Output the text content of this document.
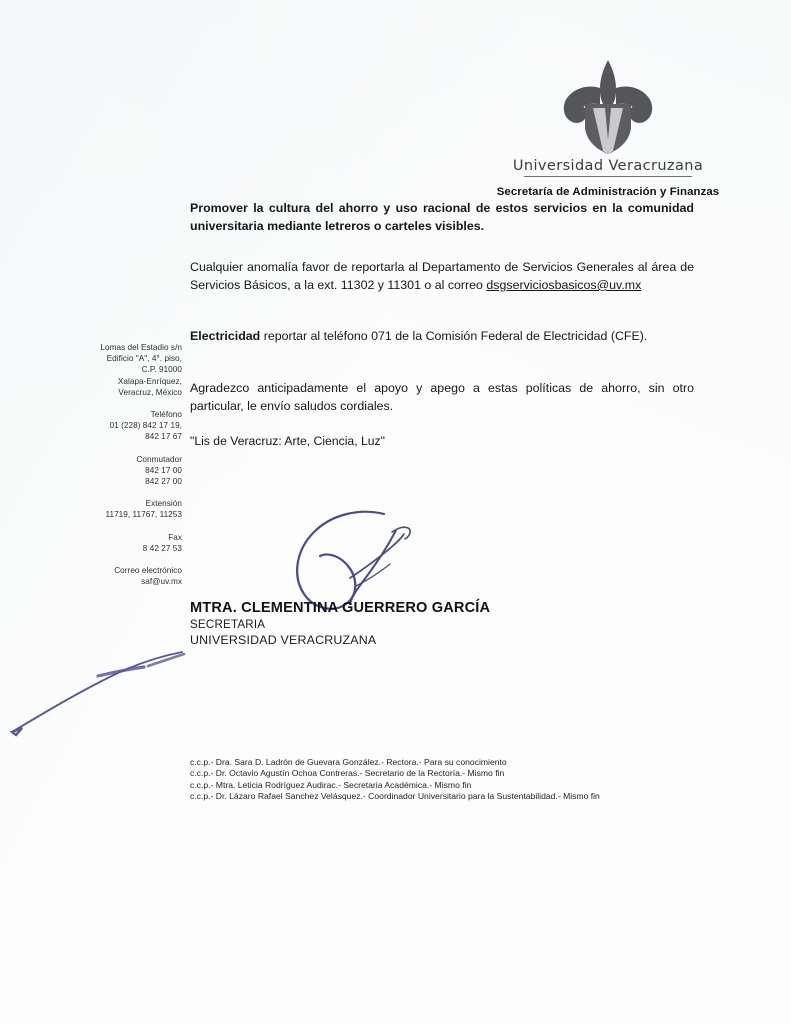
Universidad Veracruzana
Secretaría de Administración y Finanzas
Lomas del Estadio s/n
Edificio "A", 4°. piso,
C.P. 91000
Xalapa-Enríquez,
Veracruz, México
Teléfono
01 (228) 842 17 19,
842 17 67
Conmutador
842 17 00
842 27 00
Extensión
11719, 11767, 11253
Fax
8 42 27 53
Correo electrónico
saf@uv.mx

Promover la cultura del ahorro y uso racional de estos servicios en la comunidad universitaria mediante letreros o carteles visibles.

Cualquier anomalía favor de reportarla al Departamento de Servicios Generales al área de Servicios Básicos, a la ext. 11302 y 11301 o al correo dsgserviciosbasicos@uv.mx

Electricidad reportar al teléfono 071 de la Comisión Federal de Electricidad (CFE).

Agradezco anticipadamente el apoyo y apego a estas políticas de ahorro, sin otro particular, le envío saludos cordiales.

"Lis de Veracruz: Arte, Ciencia, Luz"

MTRA. CLEMENTINA GUERRERO GARCÍA
SECRETARIA
UNIVERSIDAD VERACRUZANA
c.c.p.- Dra. Sara D. Ladrón de Guevara González.- Rectora.- Para su conocimiento
c.c.p.- Dr. Octavio Agustín Ochoa Contreras.- Secretario de la Rectoría.- Mismo fin
c.c.p.- Mtra. Leticia Rodríguez Audirac.- Secretaria Académica.- Mismo fin
c.c.p.- Dr. Lázaro Rafael Sanchez Velásquez.- Coordinador Universitario para la Sustentabilidad.- Mismo fin
